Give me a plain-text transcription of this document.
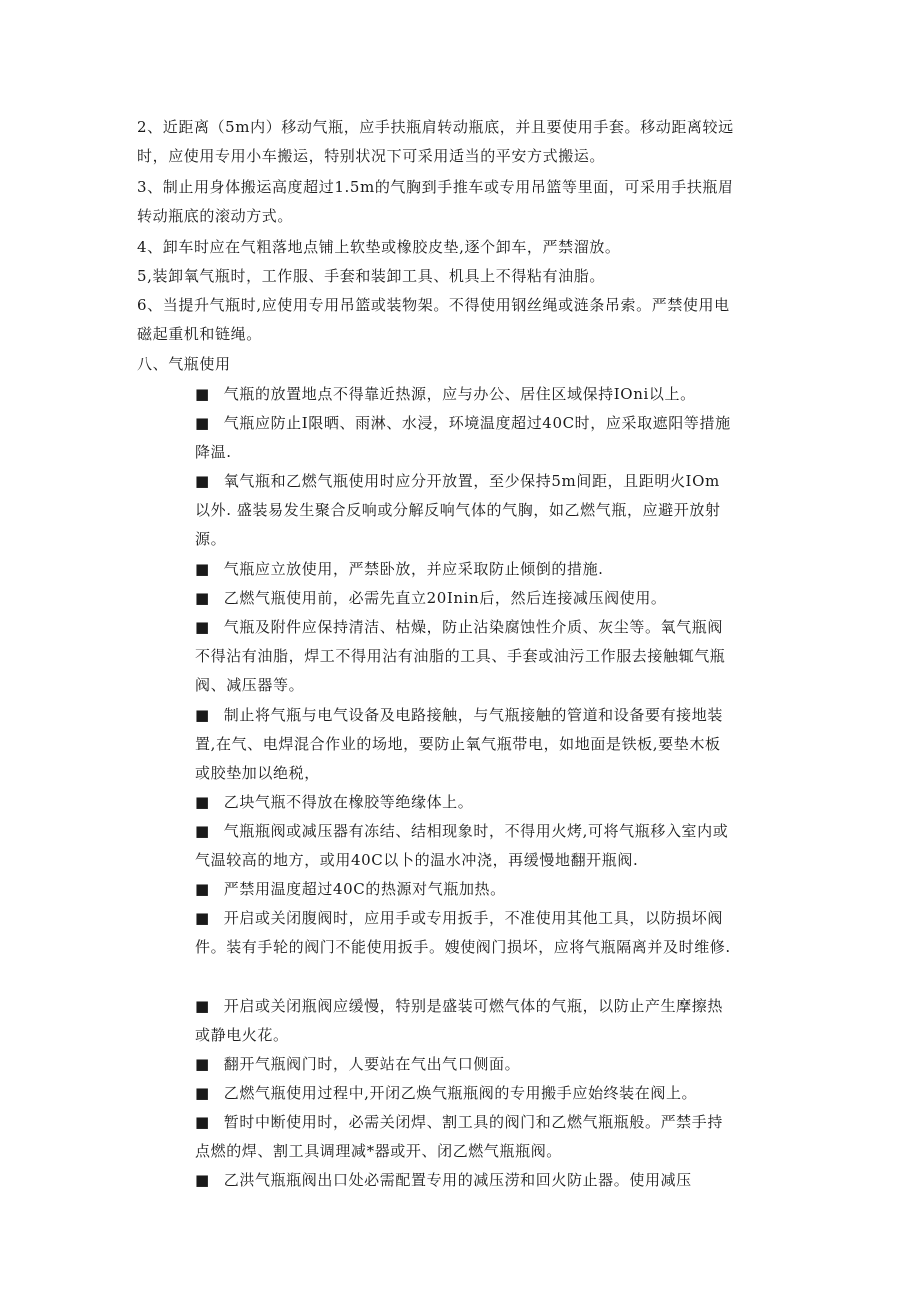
2、近距离（5m内）移动气瓶，应手扶瓶肩转动瓶底，并且要使用手套。移动距离较远时，应使用专用小车搬运，特别状况下可采用适当的平安方式搬运。

3、制止用身体搬运高度超过1.5m的气胸到手推车或专用吊篮等里面，可采用手扶瓶眉转动瓶底的滚动方式。

4、卸车时应在气粗落地点铺上软垫或橡胶皮垫,逐个卸车，严禁溜放。

5,装卸氧气瓶时，工作服、手套和装卸工具、机具上不得粘有油脂。

6、当提升气瓶时,应使用专用吊篮或装物架。不得使用钢丝绳或涟条吊索。严禁使用电磁起重机和链绳。

八、气瓶使用

■ 气瓶的放置地点不得靠近热源，应与办公、居住区域保持IOni以上。

■ 气瓶应防止I限晒、雨淋、水浸，环境温度超过40C时，应采取遮阳等措施降温.

■ 氧气瓶和乙燃气瓶使用时应分开放置，至少保持5m间距，且距明火IOm以外. 盛装易发生聚合反响或分解反响气体的气胸，如乙燃气瓶，应避开放射源。

■ 气瓶应立放使用，严禁卧放，并应采取防止倾倒的措施.

■ 乙燃气瓶使用前，必需先直立20Inin后，然后连接减压阀使用。

■ 气瓶及附件应保持清洁、枯燥，防止沾染腐蚀性介质、灰尘等。氧气瓶阀不得沾有油脂，焊工不得用沾有油脂的工具、手套或油污工作服去接触辄气瓶阀、减压器等。

■ 制止将气瓶与电气设备及电路接触，与气瓶接触的管道和设备要有接地装置,在气、电焊混合作业的场地，要防止氧气瓶带电，如地面是铁板,要垫木板或胶垫加以绝税，

■ 乙块气瓶不得放在橡胶等绝缘体上。

■ 气瓶瓶阀或减压器有冻结、结相现象时，不得用火烤,可将气瓶移入室内或气温较高的地方，或用40C以卜的温水冲浇，再缓慢地翻开瓶阀.

■ 严禁用温度超过40C的热源对气瓶加热。

■ 开启或关闭腹阀时，应用手或专用扳手，不准使用其他工具，以防损坏阀件。装有手轮的阀门不能使用扳手。嫂使阀门损坏，应将气瓶隔离并及时维修.

■ 开启或关闭瓶阀应缓慢，特别是盛装可燃气体的气瓶，以防止产生摩擦热或静电火花。

■ 翻开气瓶阀门时，人要站在气出气口侧面。

■ 乙燃气瓶使用过程中,开闭乙焕气瓶瓶阀的专用搬手应始终装在阀上。

■ 暂时中断使用时，必需关闭焊、割工具的阀门和乙燃气瓶瓶般。严禁手持点燃的焊、割工具调理减*器或开、闭乙燃气瓶瓶阀。

■ 乙洪气瓶瓶阀出口处必需配置专用的减压涝和回火防止器。使用减压
